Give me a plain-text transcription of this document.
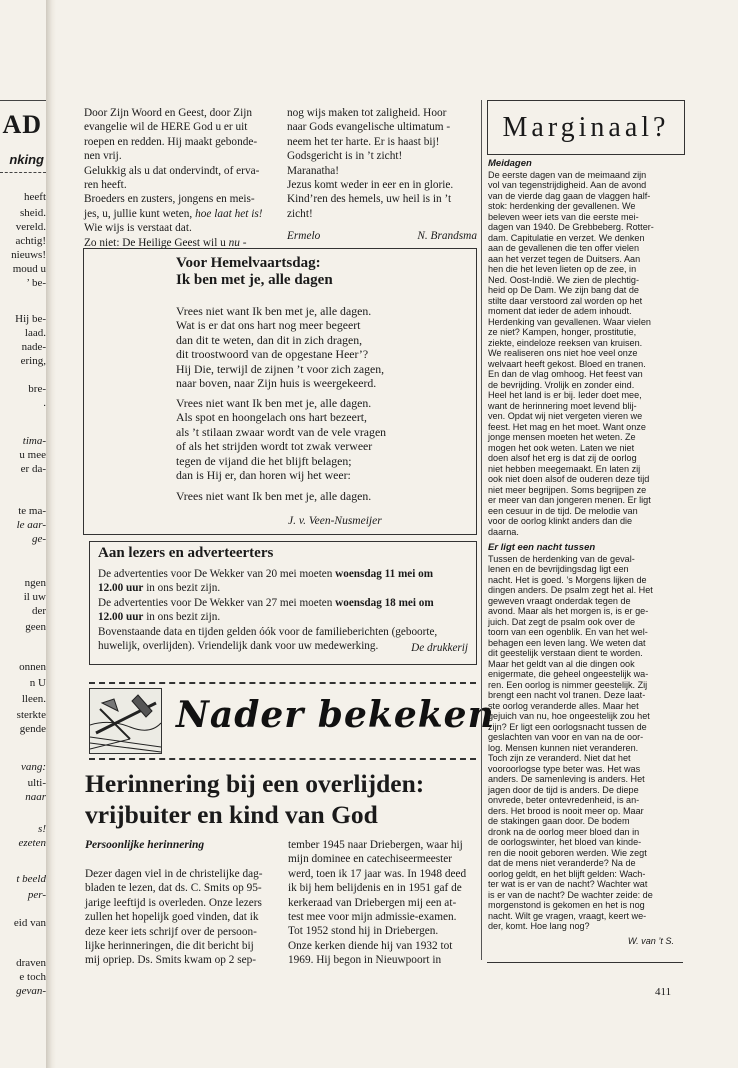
AD
nking
heeft
sheid.
vereld.
achtig!
nieuws!
moud u
’ be-
Hij be-
laad.
nade-
ering,
bre-
.
tima-
u mee
er da-
te ma-
le aar-
ge-
ngen
il uw
der
geen
onnen
n U
lleen.
sterkte
gende
vang:
ulti-
naar
s!
ezeten
t beeld
per-
eid van
draven
e toch
gevan-

Door Zijn Woord en Geest, door Zijn

evangelie wil de HERE God u er uit

roepen en redden. Hij maakt gebonde-

nen vrij.

Gelukkig als u dat ondervindt, of erva-

ren heeft.

Broeders en zusters, jongens en meis-

jes, u, jullie kunt weten, hoe laat het is!

Wie wijs is verstaat dat.

Zo niet: De Heilige Geest wil u nu -

nog wijs maken tot zaligheid. Hoor

naar Gods evangelische ultimatum -

neem het ter harte. Er is haast bij!

Godsgericht is in ’t zicht!

Maranatha!

Jezus komt weder in eer en in glorie.

Kind’ren des hemels, uw heil is in ’t

zicht!

Ermelo	N. Brandsma
Voor Hemelvaartsdag:
Ik ben met je, alle dagen

Vrees niet want Ik ben met je, alle dagen.

Wat is er dat ons hart nog meer begeert

dan dit te weten, dan dit in zich dragen,

dit troostwoord van de opgestane Heer’?

Hij Die, terwijl de zijnen ’t voor zich zagen,

naar boven, naar Zijn huis is weergekeerd.

Vrees niet want Ik ben met je, alle dagen.

Als spot en hoongelach ons hart bezeert,

als ’t stilaan zwaar wordt van de vele vragen

of als het strijden wordt tot zwak verweer

tegen de vijand die het blijft belagen;

dan is Hij er, dan horen wij het weer:

Vrees niet want Ik ben met je, alle dagen.
J. v. Veen-Nusmeijer
Aan lezers en adverteerters
De advertenties voor De Wekker van 20 mei moeten woensdag 11 mei om
12.00 uur in ons bezit zijn.
De advertenties voor De Wekker van 27 mei moeten woensdag 18 mei om
12.00 uur in ons bezit zijn.
Bovenstaande data en tijden gelden óók voor de familieberichten (geboorte,
huwelijk, overlijden). Vriendelijk dank voor uw medewerking.	De drukkerij
Nader bekeken
Herinnering bij een overlijden:
vrijbuiter en kind van God
Persoonlijke herinnering

Dezer dagen viel in de christelijke dag-

bladen te lezen, dat ds. C. Smits op 95-

jarige leeftijd is overleden. Onze lezers

zullen het hopelijk goed vinden, dat ik

deze keer iets schrijf over de persoon-

lijke herinneringen, die dit bericht bij

mij opriep. Ds. Smits kwam op 2 sep-

tember 1945 naar Driebergen, waar hij

mijn dominee en catechiseermeester

werd, toen ik 17 jaar was. In 1948 deed

ik bij hem belijdenis en in 1951 gaf de

kerkeraad van Driebergen mij een at-

test mee voor mijn admissie-examen.

Tot 1952 stond hij in Driebergen.

Onze kerken diende hij van 1932 tot

1969. Hij begon in Nieuwpoort in

Marginaal?
Meidagen
De eerste dagen van de meimaand zijn
vol van tegenstrijdigheid. Aan de avond
van de vierde dag gaan de vlaggen half-
stok: herdenking der gevallenen. We
beleven weer iets van die eerste mei-
dagen van 1940. De Grebbeberg. Rotter-
dam. Capitulatie en verzet. We denken
aan de gevallenen die ten offer vielen
aan het verzet tegen de Duitsers. Aan
hen die het leven lieten op de zee, in
Ned. Oost-Indië. We zien de plechtig-
heid op De Dam. We zijn bang dat de
stilte daar verstoord zal worden op het
moment dat ieder de adem inhoudt.
Herdenking van gevallenen. Waar vielen
ze niet? Kampen, honger, prostitutie,
ziekte, eindeloze reeksen van kruisen.
We realiseren ons niet hoe veel onze
welvaart heeft gekost. Bloed en tranen.
En dan de vlag omhoog. Het feest van
de bevrijding. Vrolijk en zonder eind.
Heel het land is er bij. Ieder doet mee,
want de herinnering moet levend blij-
ven. Opdat wij niet vergeten vieren we
feest. Het mag en het moet. Want onze
jonge mensen moeten het weten. Ze
mogen het ook weten. Laten we niet
doen alsof het erg is dat zij de oorlog
niet hebben meegemaakt. En laten zij
ook niet doen alsof de ouderen deze tijd
niet meer begrijpen. Soms begrijpen ze
er meer van dan jongeren menen. Er ligt
een cesuur in de tijd. De melodie van
voor de oorlog klinkt anders dan die
daarna.
Er ligt een nacht tussen
Tussen de herdenking van de geval-
lenen en de bevrijdingsdag ligt een
nacht. Het is goed. ’s Morgens lijken de
dingen anders. De psalm zegt het al. Het
geweven vraagt onderdak tegen de
avond. Maar als het morgen is, is er ge-
juich. Dat zegt de psalm ook over de
toorn van een ogenblik. En van het wel-
behagen een leven lang. We weten dat
dit geestelijk verstaan dient te worden.
Maar het geldt van al die dingen ook
enigermate, die geheel ongeestelijk wa-
ren. Een oorlog is nimmer geestelijk. Zij
brengt een nacht vol tranen. Deze laat-
ste oorlog veranderde alles. Maar het
gejuich van nu, hoe ongeestelijk zou het
zijn? Er ligt een oorlogsnacht tussen de
geslachten van voor en van na de oor-
log. Mensen kunnen niet veranderen.
Toch zijn ze veranderd. Niet dat het
vooroorlogse type beter was. Het was
anders. De samenleving is anders. Het
jagen door de tijd is anders. De diepe
onvrede, beter ontevredenheid, is an-
ders. Het brood is nooit meer op. Maar
de stakingen gaan door. De bodem
dronk na de oorlog meer bloed dan in
de oorlogswinter, het bloed van kinde-
ren die nooit geboren werden. Wie zegt
dat de mens niet veranderde? Na de
oorlog geldt, en het blijft gelden: Wach-
ter wat is er van de nacht? Wachter wat
is er van de nacht? De wachter zeide: de
morgenstond is gekomen en het is nog
nacht. Wilt ge vragen, vraagt, keert we-
der, komt. Hoe lang nog?
W. van ’t S.
411
